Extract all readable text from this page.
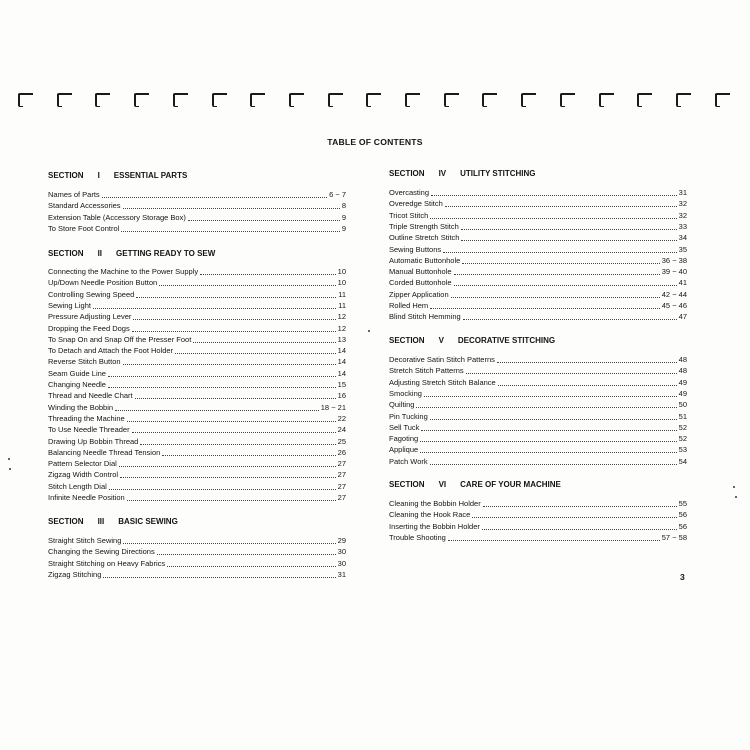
TABLE OF CONTENTS
SECTION I ESSENTIAL PARTS
Names of Parts	6 ~ 7
Standard Accessories	8
Extension Table (Accessory Storage Box)	9
To Store Foot Control	9
SECTION II GETTING READY TO SEW
Connecting the Machine to the Power Supply	10
Up/Down Needle Position Button	10
Controlling Sewing Speed	11
Sewing Light	11
Pressure Adjusting Lever	12
Dropping the Feed Dogs	12
To Snap On and Snap Off the Presser Foot	13
To Detach and Attach the Foot Holder	14
Reverse Stitch Button	14
Seam Guide Line	14
Changing Needle	15
Thread and Needle Chart	16
Winding the Bobbin	18 ~ 21
Threading the Machine	22
To Use Needle Threader	24
Drawing Up Bobbin Thread	25
Balancing Needle Thread Tension	26
Pattern Selector Dial	27
Zigzag Width Control	27
Stitch Length Dial	27
Infinite Needle Position	27
SECTION III BASIC SEWING
Straight Stitch Sewing	29
Changing the Sewing Directions	30
Straight Stitching on Heavy Fabrics	30
Zigzag Stitching	31
SECTION IV UTILITY STITCHING
Overcasting	31
Overedge Stitch	32
Tricot Stitch	32
Triple Strength Stitch	33
Outline Stretch Stitch	34
Sewing Buttons	35
Automatic Buttonhole	36 ~ 38
Manual Buttonhole	39 ~ 40
Corded Buttonhole	41
Zipper Application	42 ~ 44
Rolled Hem	45 ~ 46
Blind Stitch Hemming	47
SECTION V DECORATIVE STITCHING
Decorative Satin Stitch Patterns	48
Stretch Stitch Patterns	48
Adjusting Stretch Stitch Balance	49
Smocking	49
Quilting	50
Pin Tucking	51
Sell Tuck	52
Fagoting	52
Applique	53
Patch Work	54
SECTION VI CARE OF YOUR MACHINE
Cleaning the Bobbin Holder	55
Cleaning the Hook Race	56
Inserting the Bobbin Holder	56
Trouble Shooting	57 ~ 58
3
